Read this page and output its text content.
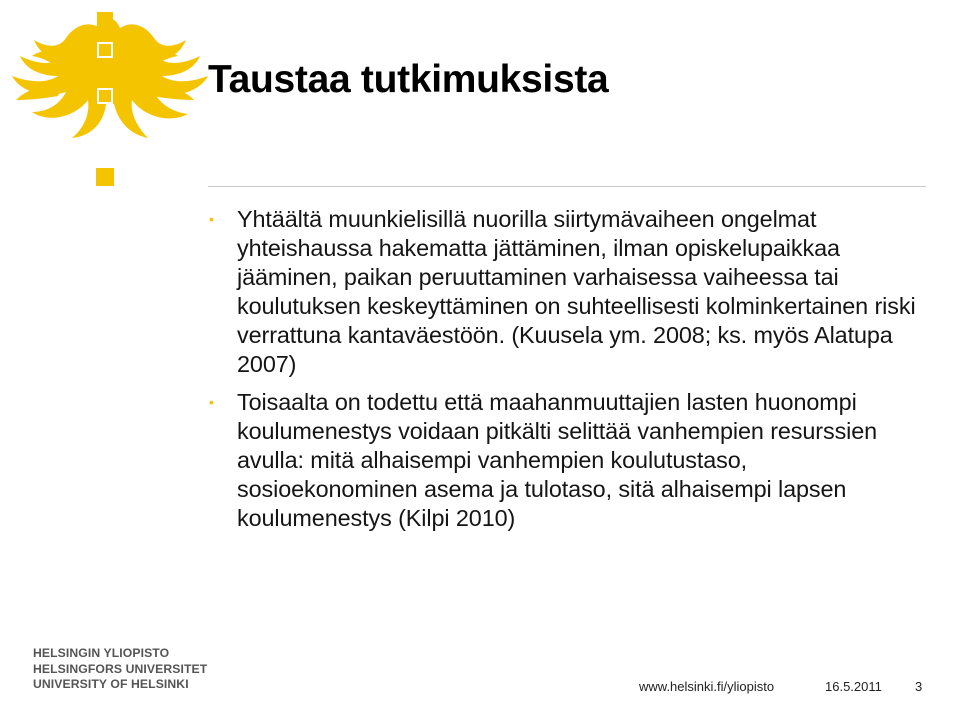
Taustaa tutkimuksista
• Yhtäältä muunkielisillä nuorilla siirtymävaiheen ongelmat yhteishaussa hakematta jättäminen, ilman opiskelupaikkaa jääminen, paikan peruuttaminen varhaisessa vaiheessa tai koulutuksen keskeyttäminen on suhteellisesti kolminkertainen riski verrattuna kantaväestöön. (Kuusela ym. 2008; ks. myös Alatupa 2007)
• Toisaalta on todettu että maahanmuuttajien lasten huonompi koulumenestys voidaan pitkälti selittää vanhempien resurssien avulla: mitä alhaisempi vanhempien koulutustaso, sosioekonominen asema ja tulotaso, sitä alhaisempi lapsen koulumenestys (Kilpi 2010)
HELSINGIN YLIOPISTO
HELSINGFORS UNIVERSITET
UNIVERSITY OF HELSINKI	www.helsinki.fi/yliopisto	16.5.2011	3
